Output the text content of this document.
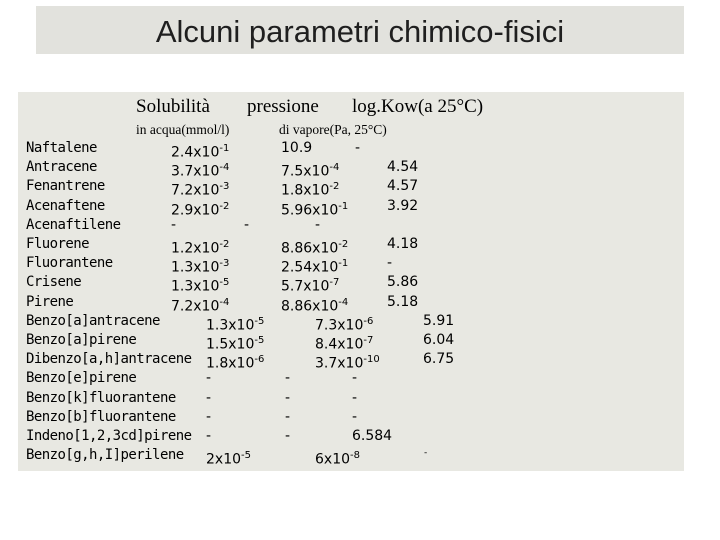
Alcuni parametri chimico-fisici
Solubilità pressione log.Kow(a 25°C)
in acqua(mmol/l)	di vapore(Pa, 25°C)
Naftalene	$2.4x10^{-1}$	10.9	-
Antracene	$3.7x10^{-4}$	$7.5x10^{-4}$	4.54
Fenantrene	$7.2x10^{-3}$	$1.8x10^{-2}$	4.57
Acenaftene	$2.9x10^{-2}$	$5.96x10^{-1}$	3.92
Acenaftilene	-	-	-
Fluorene	$1.2x10^{-2}$	$8.86x10^{-2}$	4.18
Fluorantene	$1.3x10^{-3}$	$2.54x10^{-1}$	-
Crisene	$1.3x10^{-5}$	$5.7x10^{-7}$	5.86
Pirene	$7.2x10^{-4}$	$8.86x10^{-4}$	5.18
Benzo[a]antracene	$1.3x10^{-5}$	$7.3x10^{-6}$	5.91
Benzo[a]pirene	$1.5x10^{-5}$	$8.4x10^{-7}$	6.04
Dibenzo[a,h]antracene $1.8x10^{-6}$	$3.7x10^{-10}$	6.75
Benzo[e]pirene	-	-	-
Benzo[k]fluorantene -	-	-
Benzo[b]fluorantene -	-	-
Indeno[1,2,3cd]pirene -	-	6.584
Benzo[g,h,I]perilene $2x10^{-5}$	$6x10^{-8}$	-
